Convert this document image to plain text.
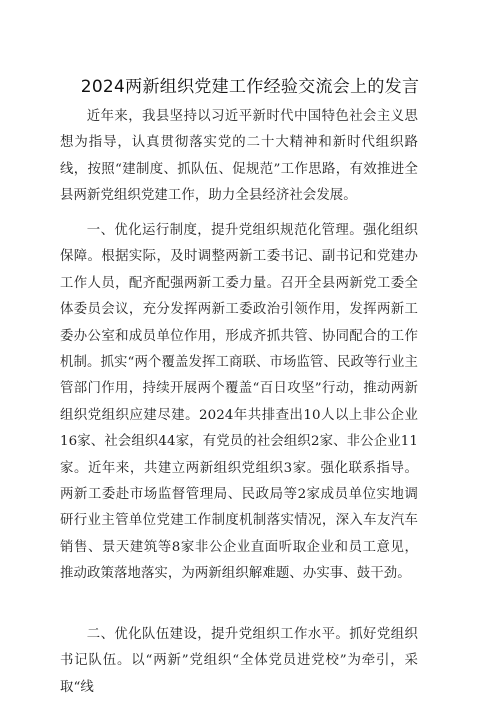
2024两新组织党建工作经验交流会上的发言

近年来，我县坚持以习近平新时代中国特色社会主义思想为指导，认真贯彻落实党的二十大精神和新时代组织路线，按照“建制度、抓队伍、促规范”工作思路，有效推进全县两新党组织党建工作，助力全县经济社会发展。

一、优化运行制度，提升党组织规范化管理。强化组织保障。根据实际，及时调整两新工委书记、副书记和党建办工作人员，配齐配强两新工委力量。召开全县两新党工委全体委员会议，充分发挥两新工委政治引领作用，发挥两新工委办公室和成员单位作用，形成齐抓共管、协同配合的工作机制。抓实“两个覆盖发挥工商联、市场监管、民政等行业主管部门作用，持续开展两个覆盖“百日攻坚”行动，推动两新组织党组织应建尽建。2024年共排查出10人以上非公企业16家、社会组织44家，有党员的社会组织2家、非公企业11家。近年来，共建立两新组织党组织3家。强化联系指导。两新工委赴市场监督管理局、民政局等2家成员单位实地调研行业主管单位党建工作制度机制落实情况，深入车友汽车销售、景天建筑等8家非公企业直面听取企业和员工意见，推动政策落地落实，为两新组织解难题、办实事、鼓干劲。

二、优化队伍建设，提升党组织工作水平。抓好党组织书记队伍。以“两新”党组织“全体党员进党校”为牵引，采取“线
